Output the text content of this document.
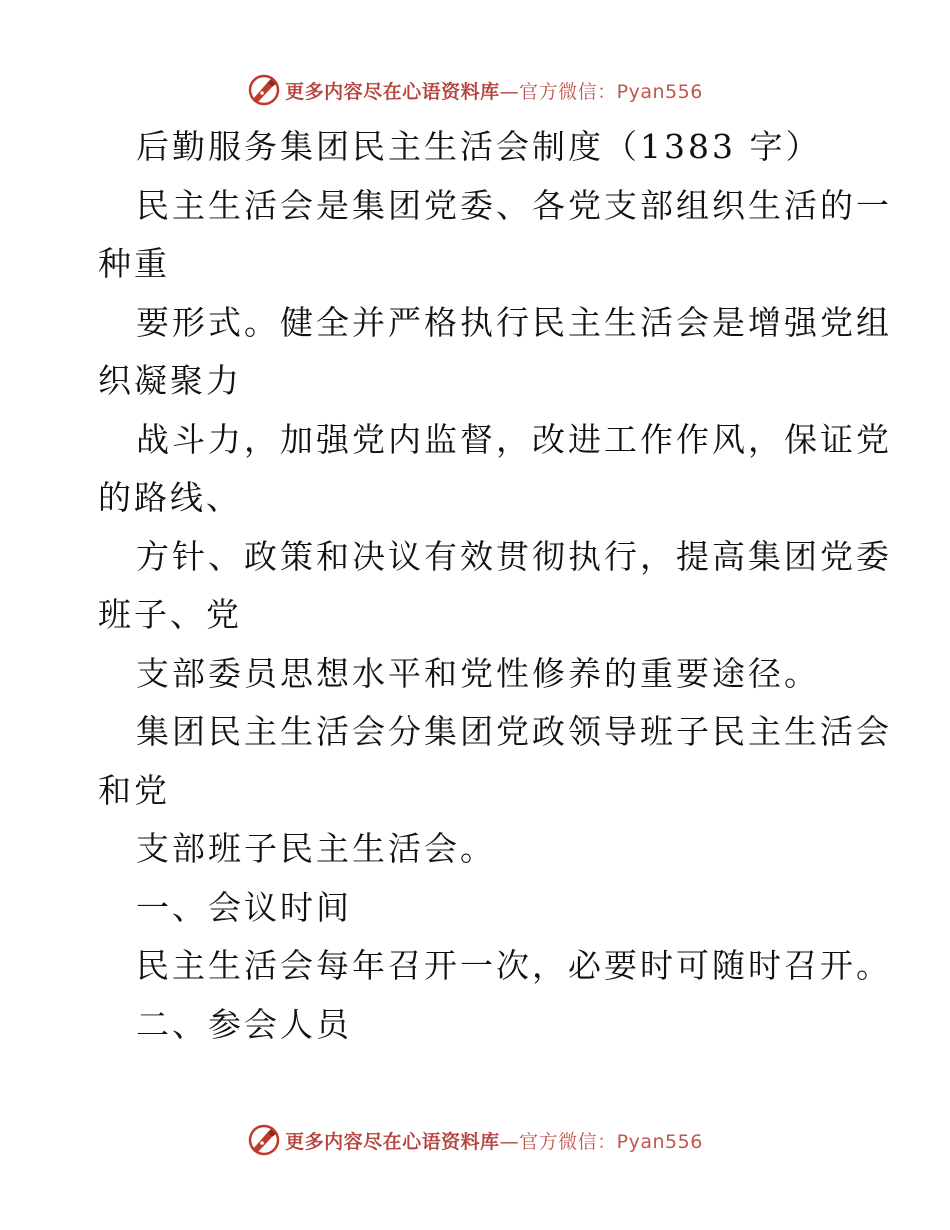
更多内容尽在心语资料库—官方微信：Pyan556
后勤服务集团民主生活会制度（1383 字）
民主生活会是集团党委、各党支部组织生活的一
种重
要形式。健全并严格执行民主生活会是增强党组
织凝聚力
战斗力，加强党内监督，改进工作作风，保证党
的路线、
方针、政策和决议有效贯彻执行，提高集团党委
班子、党
支部委员思想水平和党性修养的重要途径。
集团民主生活会分集团党政领导班子民主生活会
和党
支部班子民主生活会。
一、会议时间
民主生活会每年召开一次，必要时可随时召开。
二、参会人员
更多内容尽在心语资料库—官方微信：Pyan556
